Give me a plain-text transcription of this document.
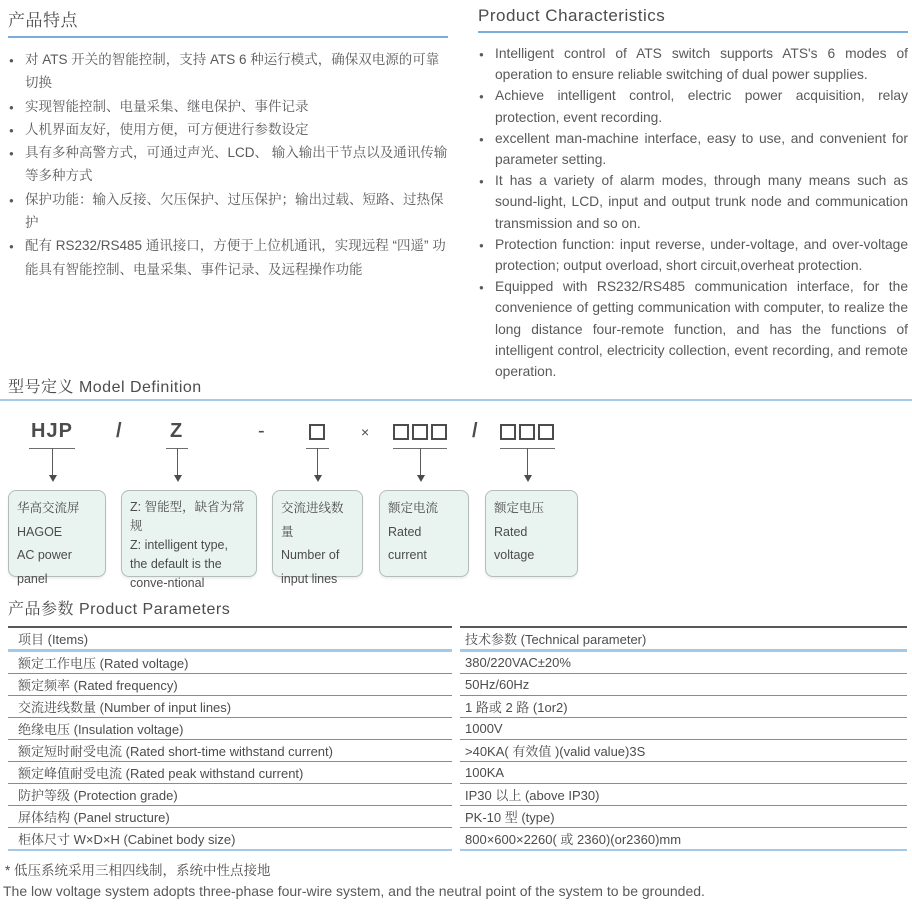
产品特点
● 对 ATS 开关的智能控制，支持 ATS 6 种运行模式，确保双电源的可靠切换
● 实现智能控制、电量采集、继电保护、事件记录
● 人机界面友好，使用方便，可方便进行参数设定
● 具有多种高警方式，可通过声光、LCD、 输入输出干节点以及通讯传输等多种方式
● 保护功能：输入反接、欠压保护、过压保护；输出过载、短路、过热保护
● 配有 RS232/RS485 通讯接口，方便于上位机通讯，实现远程 “四遥” 功能具有智能控制、电量采集、事件记录、及远程操作功能
Product Characteristics
● Intelligent control of ATS switch supports ATS's 6 modes of operation to ensure reliable switching of dual power supplies.
● Achieve intelligent control, electric power acquisition, relay protection, event recording.
● excellent man-machine interface, easy to use, and convenient for parameter setting.
● It has a variety of alarm modes, through many means such as sound-light, LCD, input and output trunk node and communication transmission and so on.
● Protection function: input reverse, under-voltage, and over-voltage protection; output overload, short circuit,overheat protection.
● Equipped with RS232/RS485 communication interface, for the convenience of getting communication with computer, to realize the long distance four-remote function, and has the functions of intelligent control, electricity collection, event recording, and remote operation.
型号定义 Model Definition
HJP / Z	-	×	/
华高交流屏
HAGOE
AC power panel
Z: 智能型，缺省为常规
Z: intelligent type,
the default is the
conve-ntional
交流进线数量
Number of
input lines
额定电流
Rated current
额定电压
Rated voltage
产品参数 Product Parameters
项目 (Items)	技术参数 (Technical parameter)
额定工作电压 (Rated voltage)	380/220VAC±20%
额定频率 (Rated frequency)	50Hz/60Hz
交流进线数量 (Number of input lines)	1 路或 2 路 (1or2)
绝缘电压 (Insulation voltage)	1000V
额定短时耐受电流 (Rated short-time withstand current)	>40KA( 有效值 )(valid value)3S
额定峰值耐受电流 (Rated peak withstand current)	100KA
防护等级 (Protection grade)	IP30 以上 (above IP30)
屏体结构 (Panel structure)	PK-10 型 (type)
柜体尺寸 W×D×H (Cabinet body size)	800×600×2260( 或 2360)(or2360)mm
* 低压系统采用三相四线制，系统中性点接地
The low voltage system adopts three-phase four-wire system, and the neutral point of the system to be grounded.
